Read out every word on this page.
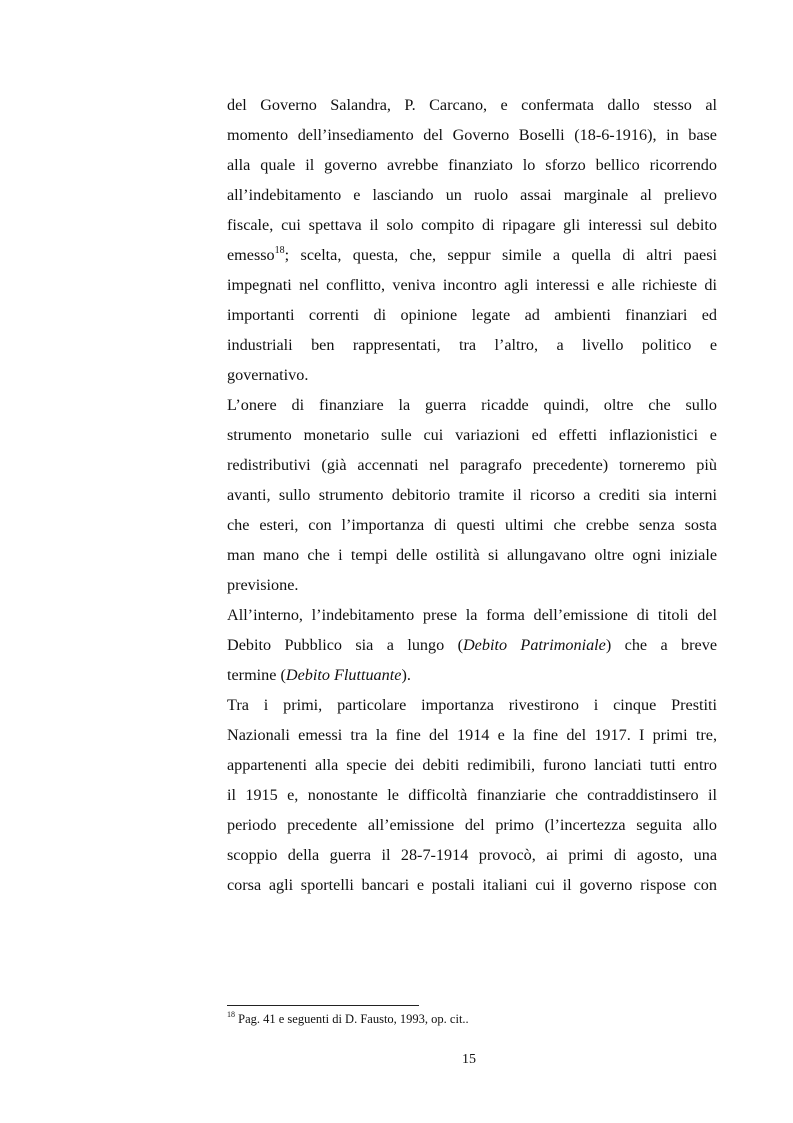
del Governo Salandra, P. Carcano, e confermata dallo stesso al
momento dell’insediamento del Governo Boselli (18-6-1916), in base
alla quale il governo avrebbe finanziato lo sforzo bellico ricorrendo
all’indebitamento e lasciando un ruolo assai marginale al prelievo
fiscale, cui spettava il solo compito di ripagare gli interessi sul debito
emesso$^{18}$; scelta, questa, che, seppur simile a quella di altri paesi
impegnati nel conflitto, veniva incontro agli interessi e alle richieste di
importanti correnti di opinione legate ad ambienti finanziari ed
industriali ben rappresentati, tra l’altro, a livello politico e
governativo.
L’onere di finanziare la guerra ricadde quindi, oltre che sullo
strumento monetario sulle cui variazioni ed effetti inflazionistici e
redistributivi (già accennati nel paragrafo precedente) torneremo più
avanti, sullo strumento debitorio tramite il ricorso a crediti sia interni
che esteri, con l’importanza di questi ultimi che crebbe senza sosta
man mano che i tempi delle ostilità si allungavano oltre ogni iniziale
previsione.
All’interno, l’indebitamento prese la forma dell’emissione di titoli del
Debito Pubblico sia a lungo (Debito Patrimoniale) che a breve
termine (Debito Fluttuante).
Tra i primi, particolare importanza rivestirono i cinque Prestiti
Nazionali emessi tra la fine del 1914 e la fine del 1917. I primi tre,
appartenenti alla specie dei debiti redimibili, furono lanciati tutti entro
il 1915 e, nonostante le difficoltà finanziarie che contraddistinsero il
periodo precedente all’emissione del primo (l’incertezza seguita allo
scoppio della guerra il 28-7-1914 provocò, ai primi di agosto, una
corsa agli sportelli bancari e postali italiani cui il governo rispose con
$^{18}$ Pag. 41 e seguenti di D. Fausto, 1993, op. cit..
15
